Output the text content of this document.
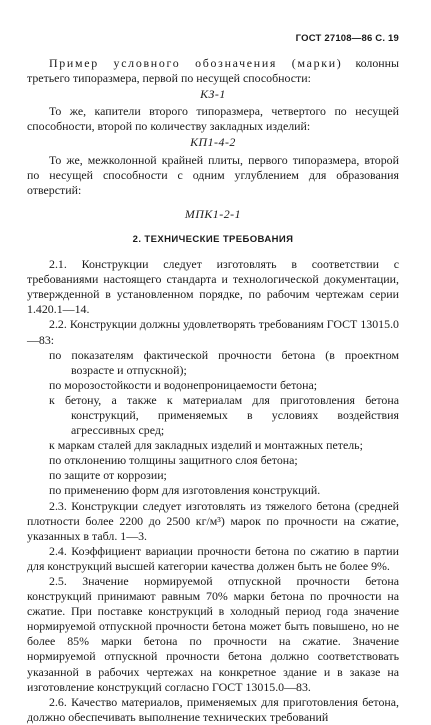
ГОСТ 27108—86 С. 19

Пример условного обозначения (марки) колонны третьего типоразмера, первой по несущей способности:

КЗ-1

То же, капители второго типоразмера, четвертого по несущей способности, второй по количеству закладных изделий:

КП1-4-2

То же, межколонной крайней плиты, первого типоразмера, второй по несущей способности с одним углублением для образования отверстий:

МПК1-2-1
2. ТЕХНИЧЕСКИЕ ТРЕБОВАНИЯ

2.1. Конструкции следует изготовлять в соответствии с требованиями настоящего стандарта и технологической документации, утвержденной в установленном порядке, по рабочим чертежам серии 1.420.1—14.

2.2. Конструкции должны удовлетворять требованиям ГОСТ 13015.0—83:

по показателям фактической прочности бетона (в проектном возрасте и отпускной);

по морозостойкости и водонепроницаемости бетона;

к бетону, а также к материалам для приготовления бетона конструкций, применяемых в условиях воздействия агрессивных сред;

к маркам сталей для закладных изделий и монтажных петель;

по отклонению толщины защитного слоя бетона;

по защите от коррозии;

по применению форм для изготовления конструкций.

2.3. Конструкции следует изготовлять из тяжелого бетона (средней плотности более 2200 до 2500 кг/м³) марок по прочности на сжатие, указанных в табл. 1—3.

2.4. Коэффициент вариации прочности бетона по сжатию в партии для конструкций высшей категории качества должен быть не более 9%.

2.5. Значение нормируемой отпускной прочности бетона конструкций принимают равным 70% марки бетона по прочности на сжатие. При поставке конструкций в холодный период года значение нормируемой отпускной прочности бетона может быть повышено, но не более 85% марки бетона по прочности на сжатие. Значение нормируемой отпускной прочности бетона должно соответствовать указанной в рабочих чертежах на конкретное здание и в заказе на изготовление конструкций согласно ГОСТ 13015.0—83.

2.6. Качество материалов, применяемых для приготовления бетона, должно обеспечивать выполнение технических требований
